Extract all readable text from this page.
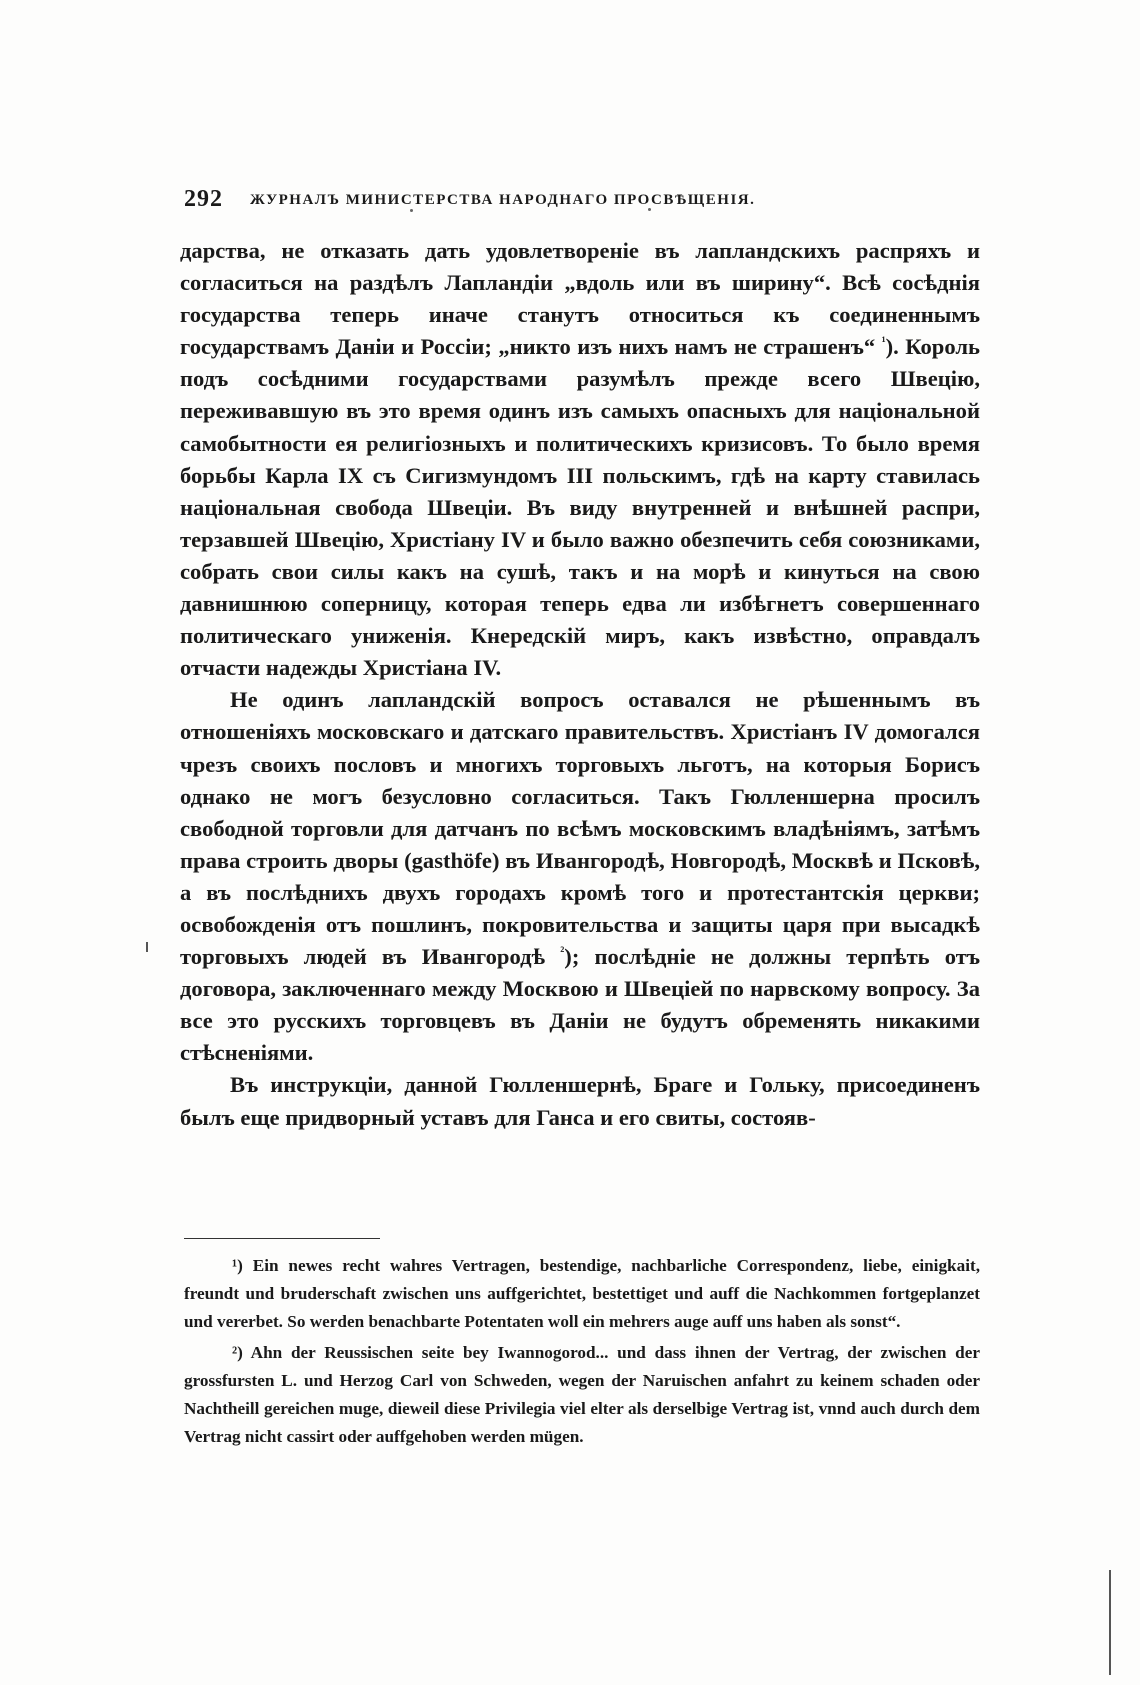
292 ЖУРНАЛЪ МИНИСТЕРСТВА НАРОДНАГО ПРОСВѢЩЕНІЯ.

дарства, не отказать дать удовлетвореніе въ лапландскихъ распряхъ и согласиться на раздѣлъ Лапландіи „вдоль или въ ширину“. Всѣ сосѣднія государства теперь иначе станутъ относиться къ соединеннымъ государствамъ Даніи и Россіи; „никто изъ нихъ намъ не страшенъ“ $^{^1}$). Король подъ сосѣдними государствами разумѣлъ прежде всего Швецію, переживавшую въ это время одинъ изъ самыхъ опасныхъ для національной самобытности ея религіозныхъ и политическихъ кризисовъ. То было время борьбы Карла IX съ Сигизмундомъ III польскимъ, гдѣ на карту ставилась національная свобода Швеціи. Въ виду внутренней и внѣшней распри, терзавшей Швецію, Христіану IV и было важно обезпечить себя союзниками, собрать свои силы какъ на сушѣ, такъ и на морѣ и кинуться на свою давнишнюю соперницу, которая теперь едва ли избѣгнетъ совершеннаго политическаго униженія. Кнередскій миръ, какъ извѣстно, оправдалъ отчасти надежды Христіана IV.

Не одинъ лапландскій вопросъ оставался не рѣшеннымъ въ отношеніяхъ московскаго и датскаго правительствъ. Христіанъ IV домогался чрезъ своихъ пословъ и многихъ торговыхъ льготъ, на которыя Борисъ однако не могъ безусловно согласиться. Такъ Гюлленшерна просилъ свободной торговли для датчанъ по всѣмъ московскимъ владѣніямъ, затѣмъ права строить дворы (gasthöfe) въ Ивангородѣ, Новгородѣ, Москвѣ и Псковѣ, а въ послѣднихъ двухъ городахъ кромѣ того и протестантскія церкви; освобожденія отъ пошлинъ, покровительства и защиты царя при высадкѣ торговыхъ людей въ Ивангородѣ $^{^2}$); послѣдніе не должны терпѣть отъ договора, заключеннаго между Москвою и Швеціей по нарвскому вопросу. За все это русскихъ торговцевъ въ Даніи не будутъ обременять никакими стѣсненіями.

Въ инструкціи, данной Гюлленшернѣ, Браге и Гольку, присоединенъ былъ еще придворный уставъ для Ганса и его свиты, состояв-

¹) Ein newes recht wahres Vertragen, bestendige, nachbarliche Correspondenz, liebe, einigkait, freundt und bruderschaft zwischen uns auffgerichtet, bestettiget und auff die Nachkommen fortgeplanzet und vererbet. So werden benachbarte Potentaten woll ein mehrers auge auff uns haben als sonst“.

²) Ahn der Reussischen seite bey Iwannogorod... und dass ihnen der Vertrag, der zwischen der grossfursten L. und Herzog Carl von Schweden, wegen der Naruischen anfahrt zu keinem schaden oder Nachtheill gereichen muge, dieweil diese Privilegia viel elter als derselbige Vertrag ist, vnnd auch durch dem Vertrag nicht cassirt oder auffgehoben werden mügen.
